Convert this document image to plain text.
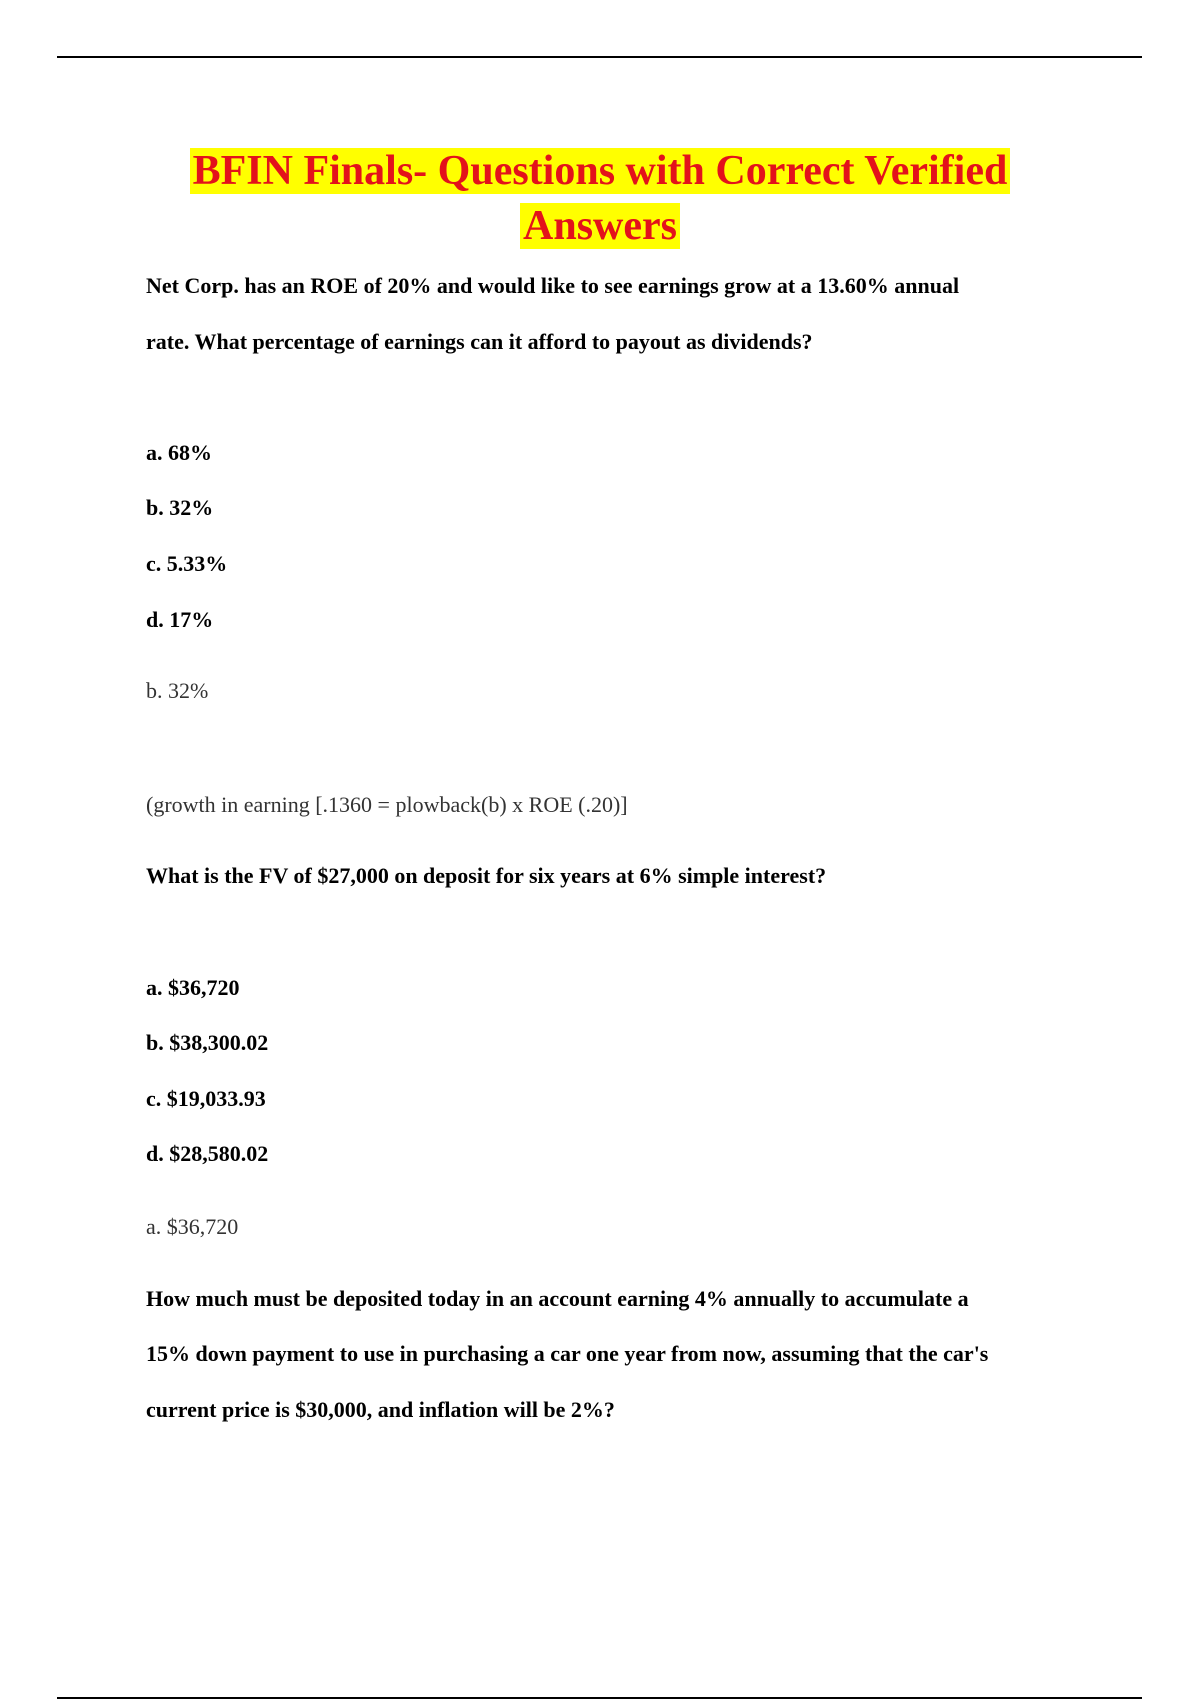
BFIN Finals- Questions with Correct Verified
Answers
Net Corp. has an ROE of 20% and would like to see earnings grow at a 13.60% annual
rate. What percentage of earnings can it afford to payout as dividends?
a. 68%
b. 32%
c. 5.33%
d. 17%
b. 32%
(growth in earning [.1360 = plowback(b) x ROE (.20)]
What is the FV of $27,000 on deposit for six years at 6% simple interest?
a. $36,720
b. $38,300.02
c. $19,033.93
d. $28,580.02
a. $36,720
How much must be deposited today in an account earning 4% annually to accumulate a
15% down payment to use in purchasing a car one year from now, assuming that the car's
current price is $30,000, and inflation will be 2%?
